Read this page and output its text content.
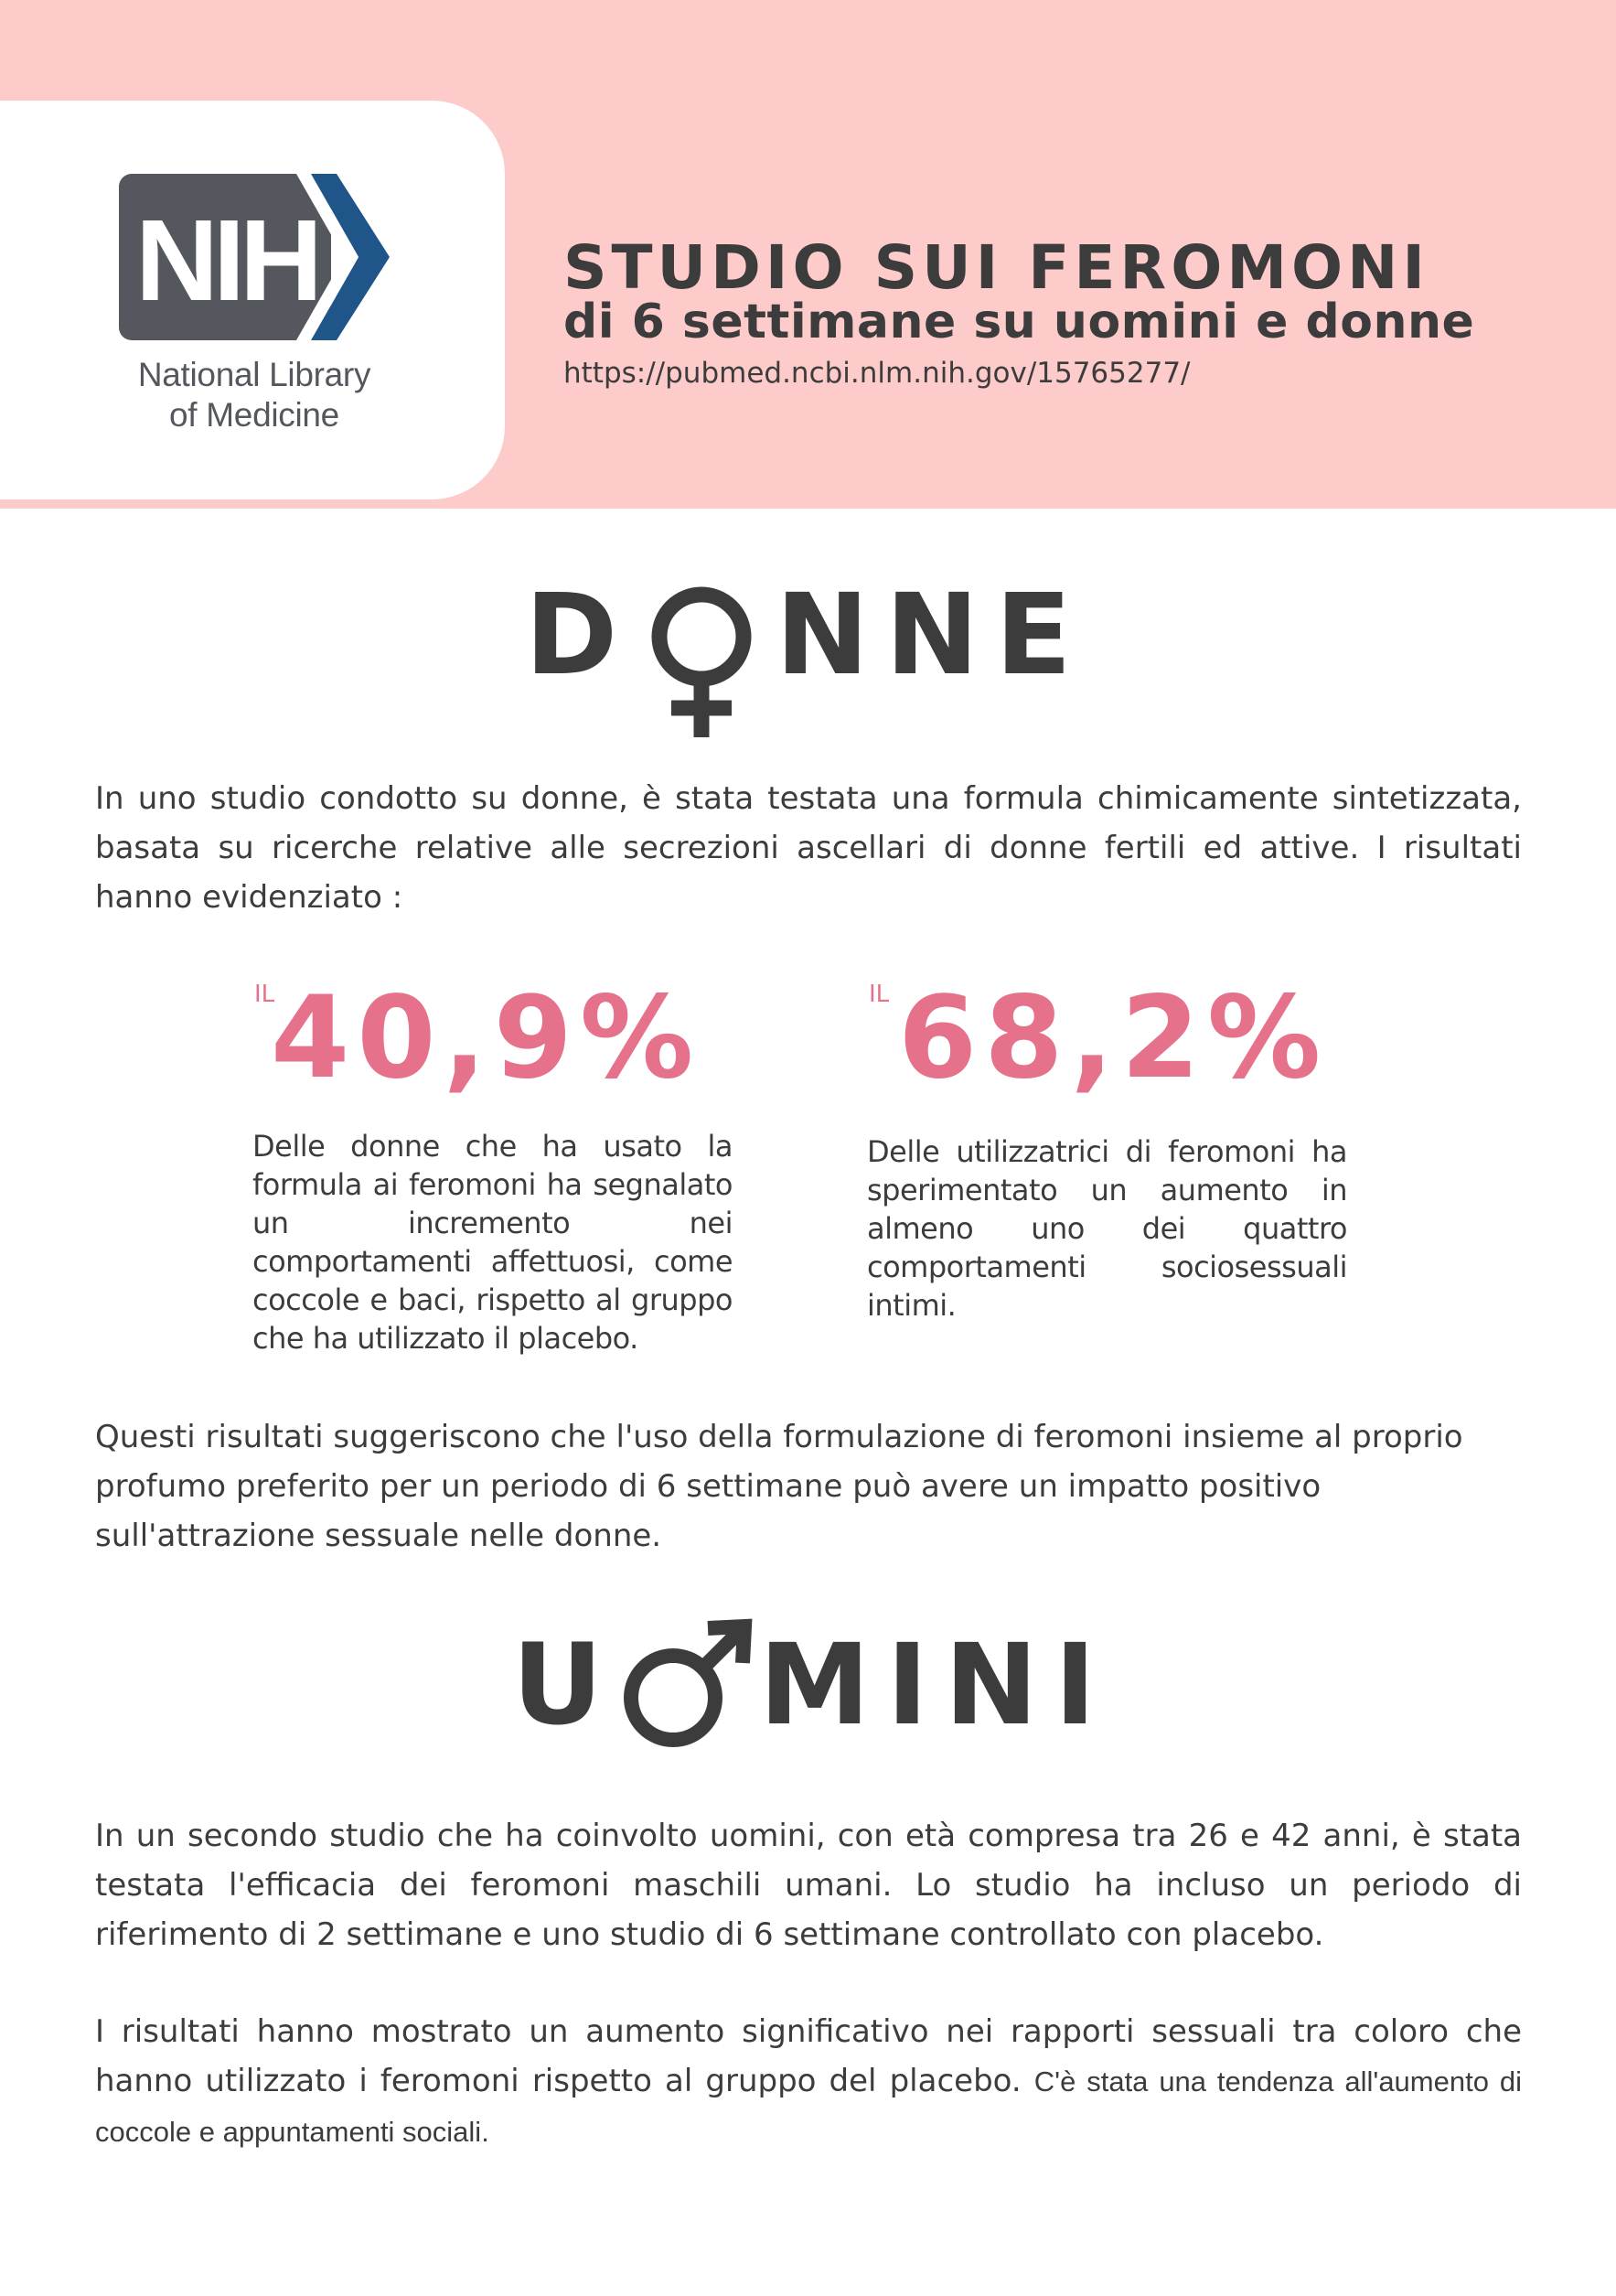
NIH
National Library
of Medicine
STUDIO SUI FEROMONI
di 6 settimane su uomini e donne
https://pubmed.ncbi.nlm.nih.gov/15765277/
D NNE
In uno studio condotto su donne, è stata testata una formula chimicamente sintetizzata, basata su ricerche relative alle secrezioni ascellari di donne fertili ed attive. I risultati hanno evidenziato :
IL
40,9%
Delle donne che ha usato la formula ai feromoni ha segnalato un incremento nei comportamenti affettuosi, come coccole e baci, rispetto al gruppo che ha utilizzato il placebo.
IL 68,2%
Delle utilizzatrici di feromoni ha sperimentato un aumento in almeno uno dei quattro comportamenti sociosessuali intimi.
Questi risultati suggeriscono che l'uso della formulazione di feromoni insieme al proprio profumo preferito per un periodo di 6 settimane può avere un impatto positivo sull'attrazione sessuale nelle donne.
U MINI
In un secondo studio che ha coinvolto uomini, con età compresa tra 26 e 42 anni, è stata testata l'efficacia dei feromoni maschili umani. Lo studio ha incluso un periodo di riferimento di 2 settimane e uno studio di 6 settimane controllato con placebo.
I risultati hanno mostrato un aumento significativo nei rapporti sessuali tra coloro che hanno utilizzato i feromoni rispetto al gruppo del placebo. C'è stata una tendenza all'aumento di coccole e appuntamenti sociali.
